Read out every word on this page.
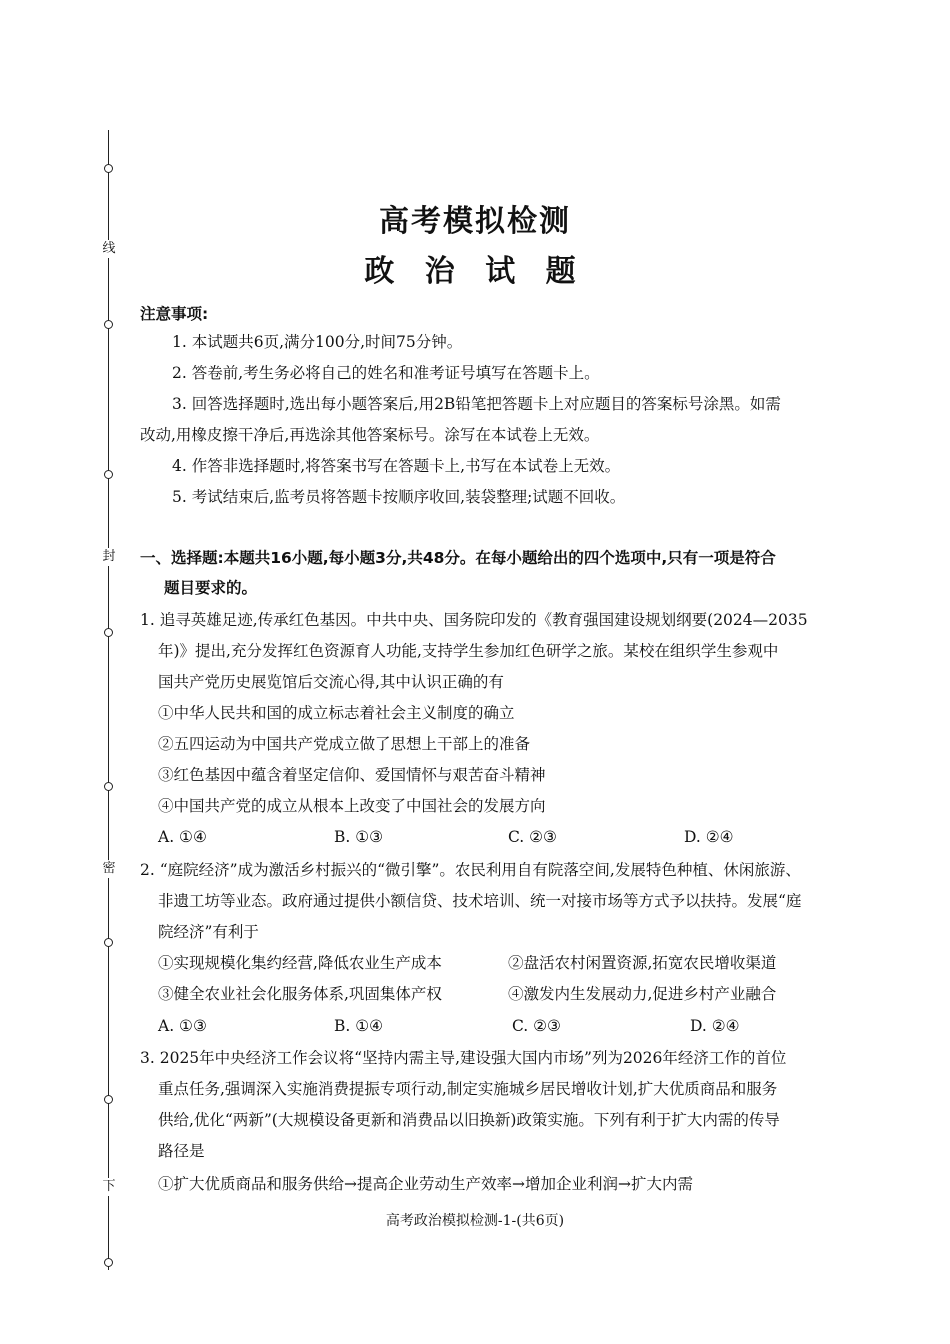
线
封
密
下
高考模拟检测
政 治 试 题
注意事项:
1. 本试题共6页,满分100分,时间75分钟。
2. 答卷前,考生务必将自己的姓名和准考证号填写在答题卡上。
3. 回答选择题时,选出每小题答案后,用2B铅笔把答题卡上对应题目的答案标号涂黑。如需
改动,用橡皮擦干净后,再选涂其他答案标号。涂写在本试卷上无效。
4. 作答非选择题时,将答案书写在答题卡上,书写在本试卷上无效。
5. 考试结束后,监考员将答题卡按顺序收回,装袋整理;试题不回收。
一、选择题:本题共16小题,每小题3分,共48分。在每小题给出的四个选项中,只有一项是符合
题目要求的。
1. 追寻英雄足迹,传承红色基因。中共中央、国务院印发的《教育强国建设规划纲要(2024—2035
年)》提出,充分发挥红色资源育人功能,支持学生参加红色研学之旅。某校在组织学生参观中
国共产党历史展览馆后交流心得,其中认识正确的有
①中华人民共和国的成立标志着社会主义制度的确立
②五四运动为中国共产党成立做了思想上干部上的准备
③红色基因中蕴含着坚定信仰、爱国情怀与艰苦奋斗精神
④中国共产党的成立从根本上改变了中国社会的发展方向
A. ①④	B. ①③	C. ②③	D. ②④
2. “庭院经济”成为激活乡村振兴的“微引擎”。农民利用自有院落空间,发展特色种植、休闲旅游、
非遗工坊等业态。政府通过提供小额信贷、技术培训、统一对接市场等方式予以扶持。发展“庭
院经济”有利于
①实现规模化集约经营,降低农业生产成本	②盘活农村闲置资源,拓宽农民增收渠道
③健全农业社会化服务体系,巩固集体产权	④激发内生发展动力,促进乡村产业融合
A. ①③	B. ①④	C. ②③	D. ②④
3. 2025年中央经济工作会议将“坚持内需主导,建设强大国内市场”列为2026年经济工作的首位
重点任务,强调深入实施消费提振专项行动,制定实施城乡居民增收计划,扩大优质商品和服务
供给,优化“两新”(大规模设备更新和消费品以旧换新)政策实施。下列有利于扩大内需的传导
路径是
①扩大优质商品和服务供给→提高企业劳动生产效率→增加企业利润→扩大内需
高考政治模拟检测-1-(共6页)
